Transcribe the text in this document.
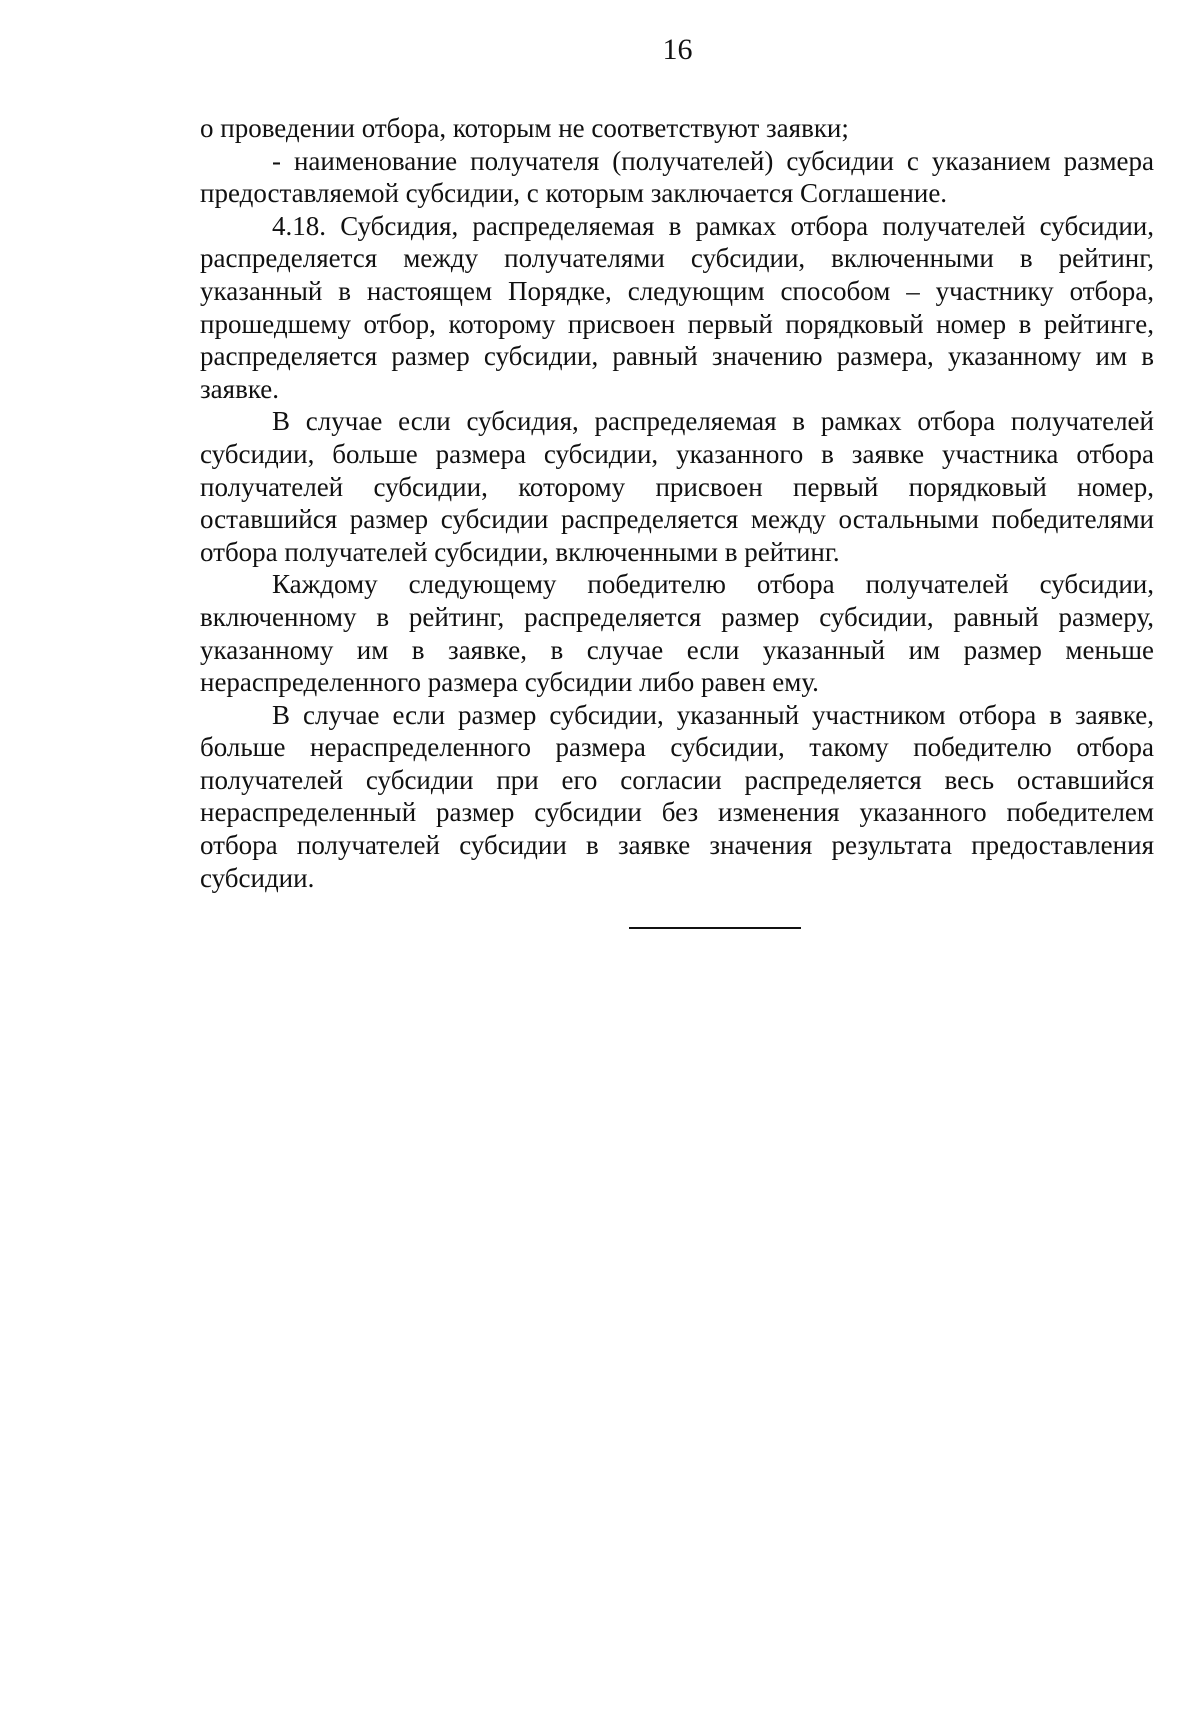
16

о проведении отбора, которым не соответствуют заявки;

- наименование получателя (получателей) субсидии с указанием размера предоставляемой субсидии, с которым заключается Соглашение.

4.18. Субсидия, распределяемая в рамках отбора получателей субсидии, распределяется между получателями субсидии, включенными в рейтинг, указанный в настоящем Порядке, следующим способом – участнику отбора, прошедшему отбор, которому присвоен первый порядковый номер в рейтинге, распределяется размер субсидии, равный значению размера, указанному им в заявке.

В случае если субсидия, распределяемая в рамках отбора получателей субсидии, больше размера субсидии, указанного в заявке участника отбора получателей субсидии, которому присвоен первый порядковый номер, оставшийся размер субсидии распределяется между остальными победителями отбора получателей субсидии, включенными в рейтинг.

Каждому следующему победителю отбора получателей субсидии, включенному в рейтинг, распределяется размер субсидии, равный размеру, указанному им в заявке, в случае если указанный им размер меньше нераспределенного размера субсидии либо равен ему.

В случае если размер субсидии, указанный участником отбора в заявке, больше нераспределенного размера субсидии, такому победителю отбора получателей субсидии при его согласии распределяется весь оставшийся нераспределенный размер субсидии без изменения указанного победителем отбора получателей субсидии в заявке значения результата предоставления субсидии.
